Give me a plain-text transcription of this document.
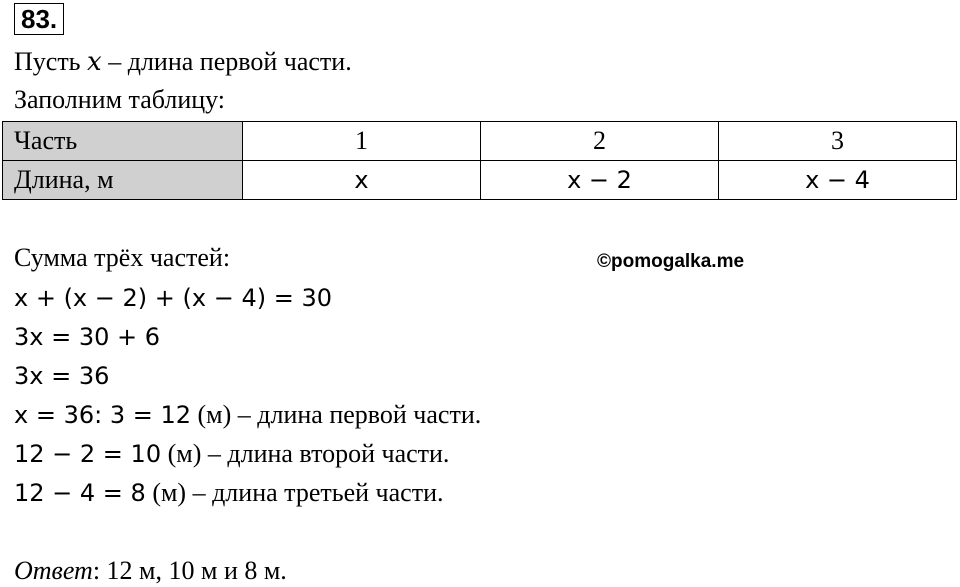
83.
Пусть x – длина первой части.
Заполним таблицу:
Часть	1	2	3
Длина, м	x	x − 2	x − 4
Сумма трёх частей:	©pomogalka.me
x + (x − 2) + (x − 4) = 30
3x = 30 + 6
3x = 36
x = 36: 3 = 12 (м) – длина первой части.
12 − 2 = 10 (м) – длина второй части.
12 − 4 = 8 (м) – длина третьей части.
Ответ: 12 м, 10 м и 8 м.
